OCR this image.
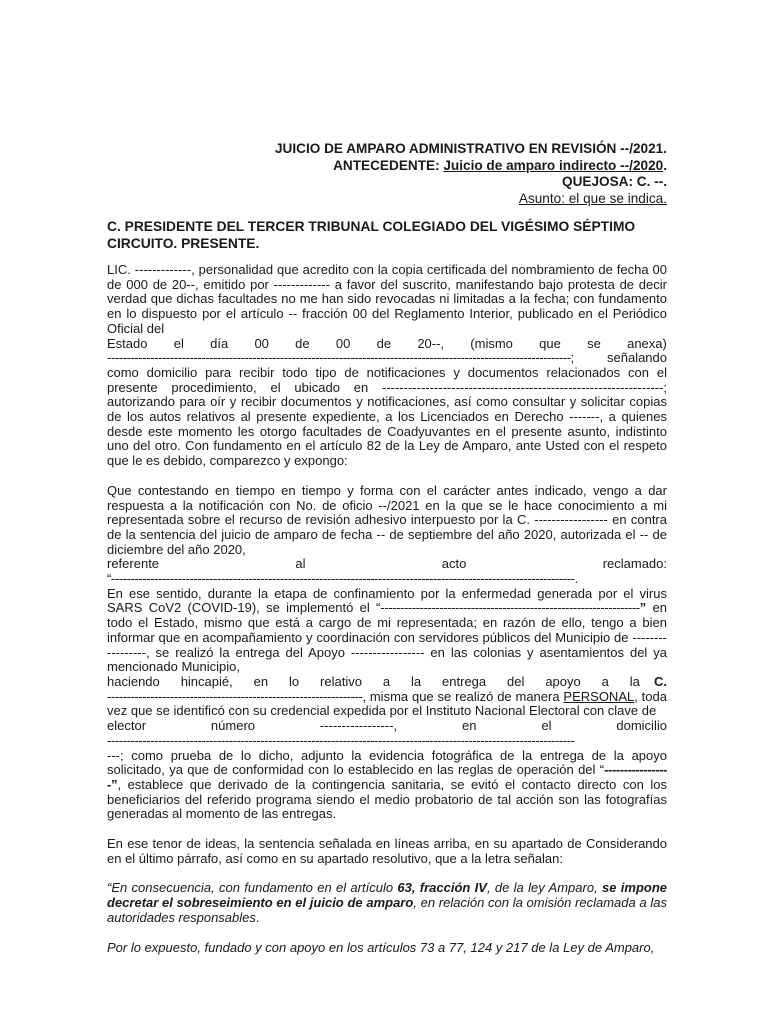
JUICIO DE AMPARO ADMINISTRATIVO EN REVISIÓN --/2021.
ANTECEDENTE: Juicio de amparo indirecto --/2020.
QUEJOSA: C. --.
Asunto: el que se indica.
C. PRESIDENTE DEL TERCER TRIBUNAL COLEGIADO DEL VIGÉSIMO SÉPTIMO CIRCUITO. PRESENTE.

LIC. -------------, personalidad que acredito con la copia certificada del nombramiento de fecha 00 de 000 de 20--, emitido por ------------- a favor del suscrito, manifestando bajo protesta de decir verdad que dichas facultades no me han sido revocadas ni limitadas a la fecha; con fundamento en lo dispuesto por el artículo -- fracción 00 del Reglamento Interior, publicado en el Periódico Oficial del

Estado el día 00 de 00 de 20--, (mismo que se anexa)
----------------------------------------------------------------------------------------------------------------------;	señalando

como domicilio para recibir todo tipo de notificaciones y documentos relacionados con el presente procedimiento, el ubicado en -----------------------------------------------------------------; autorizando para oír y recibir documentos y notificaciones, así como consultar y solicitar copias de los autos relativos al presente expediente, a los Licenciados en Derecho -------, a quienes desde este momento les otorgo facultades de Coadyuvantes en el presente asunto, indistinto uno del otro. Con fundamento en el artículo 82 de la Ley de Amparo, ante Usted con el respeto que le es debido, comparezco y expongo:

Que contestando en tiempo en tiempo y forma con el carácter antes indicado, vengo a dar respuesta a la notificación con No. de oficio --/2021 en la que se le hace conocimiento a mi representada sobre el recurso de revisión adhesivo interpuesto por la C. ----------------- en contra de la sentencia del juicio de amparo de fecha -- de septiembre del año 2020, autorizada el -- de diciembre del año 2020,

referente	al	acto	reclamado:
“----------------------------------------------------------------------------------------------------------------------.

En ese sentido, durante la etapa de confinamiento por la enfermedad generada por el virus SARS CoV2 (COVID-19), se implementó el “------------------------------------------------------------------” en todo el Estado, mismo que está a cargo de mi representada; en razón de ello, tengo a bien informar que en acompañamiento y coordinación con servidores públicos del Municipio de -----------------, se realizó la entrega del Apoyo ----------------- en las colonias y asentamientos del ya mencionado Municipio,

haciendo hincapié, en lo relativo a la entrega del apoyo a la C.

-----------------------------------------------------------------, misma que se realizó de manera PERSONAL, toda vez que se identificó con su credencial expedida por el Instituto Nacional Electoral con clave de

elector	número	-----------------,	en	el	domicilio
-----------------------------------------------------------------------------------------------------------------------

---; como prueba de lo dicho, adjunto la evidencia fotográfica de la entrega de la apoyo solicitado, ya que de conformidad con lo establecido en las reglas de operación del “-----------------”, establece que derivado de la contingencia sanitaria, se evitó el contacto directo con los beneficiarios del referido programa siendo el medio probatorio de tal acción son las fotografías generadas al momento de las entregas.

En ese tenor de ideas, la sentencia señalada en líneas arriba, en su apartado de Considerando en el último párrafo, así como en su apartado resolutivo, que a la letra señalan:

“En consecuencia, con fundamento en el artículo 63, fracción IV, de la ley Amparo, se impone decretar el sobreseimiento en el juicio de amparo, en relación con la omisión reclamada a las autoridades responsables.

Por lo expuesto, fundado y con apoyo en los artículos 73 a 77, 124 y 217 de la Ley de Amparo,
